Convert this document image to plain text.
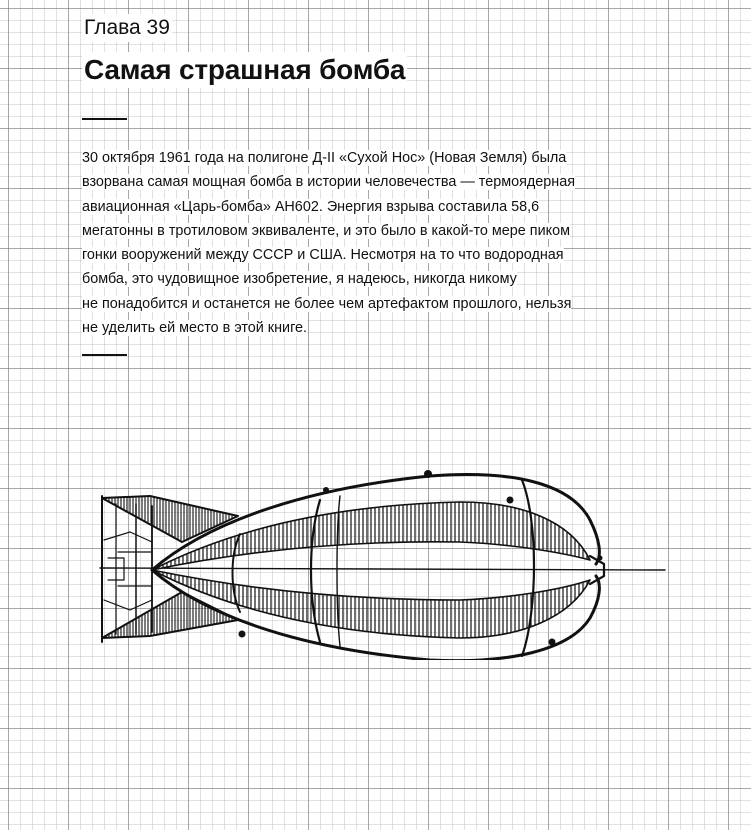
Глава 39
Самая страшная бомба

30 октября 1961 года на полигоне Д-II «Сухой Нос» (Новая Земля) была
взорвана самая мощная бомба в истории человечества — термоядерная
авиационная «Царь-бомба» АН602. Энергия взрыва составила 58,6
мегатонны в тротиловом эквиваленте, и это было в какой-то мере пиком
гонки вооружений между СССР и США. Несмотря на то что водородная
бомба, это чудовищное изобретение, я надеюсь, никогда никому
не понадобится и останется не более чем артефактом прошлого, нельзя
не уделить ей место в этой книге.
